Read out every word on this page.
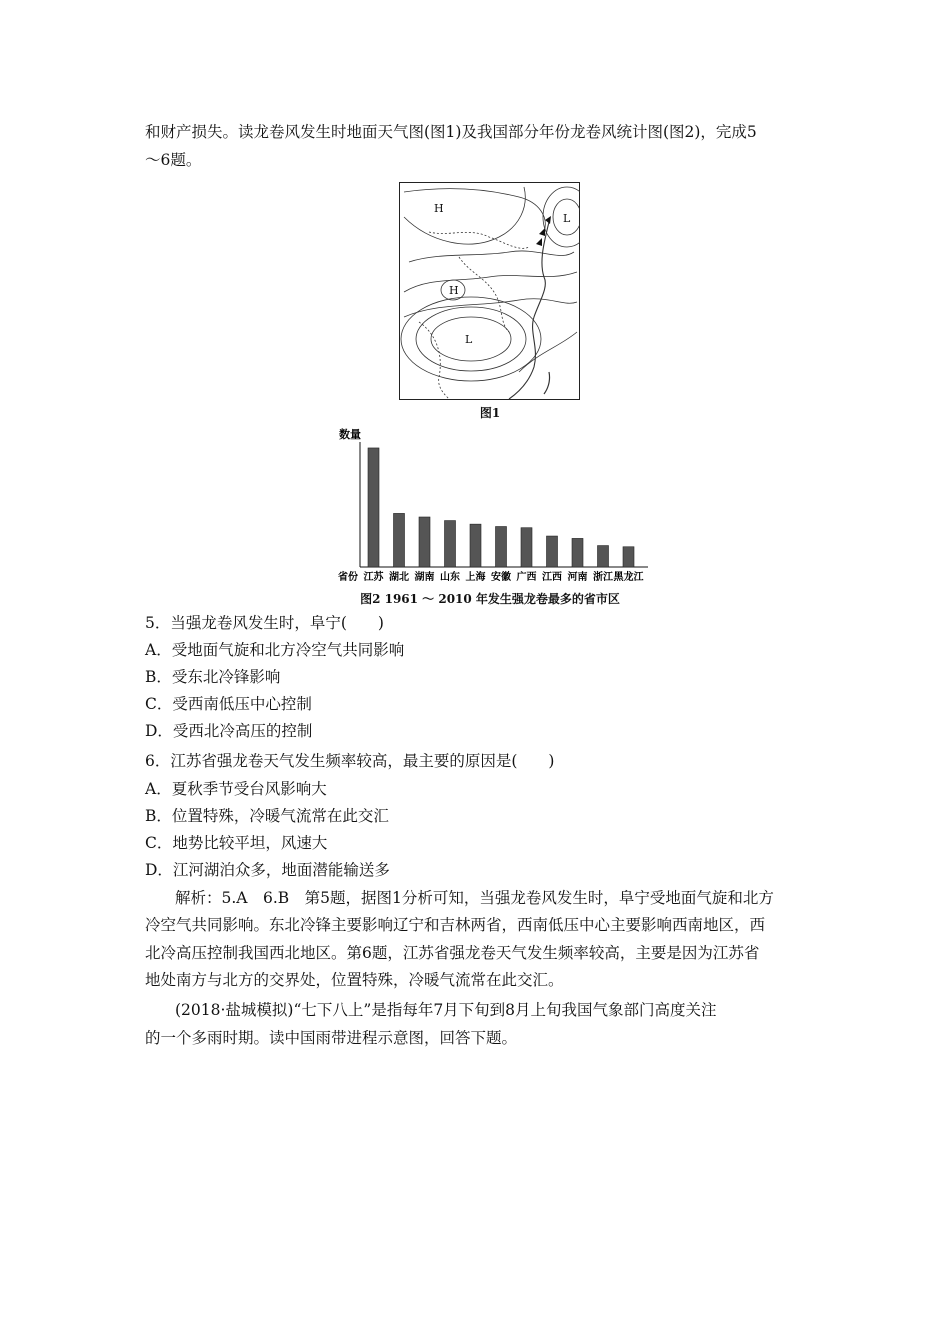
和财产损失。读龙卷风发生时地面天气图(图1)及我国部分年份龙卷风统计图(图2)，完成5
～6题。
H
L
H
L
图1
数量
省份 江苏 湖北 湖南 山东 上海 安徽 广西 江西 河南 浙江 黑龙江
图2 1961 ～ 2010 年发生强龙卷最多的省市区
5．当强龙卷风发生时，阜宁(　　)
A．受地面气旋和北方冷空气共同影响
B．受东北冷锋影响
C．受西南低压中心控制
D．受西北冷高压的控制
6．江苏省强龙卷天气发生频率较高，最主要的原因是(　　)
A．夏秋季节受台风影响大
B．位置特殊，冷暖气流常在此交汇
C．地势比较平坦，风速大
D．江河湖泊众多，地面潜能输送多
解析：5.A　6.B　第5题，据图1分析可知，当强龙卷风发生时，阜宁受地面气旋和北方
冷空气共同影响。东北冷锋主要影响辽宁和吉林两省，西南低压中心主要影响西南地区，西
北冷高压控制我国西北地区。第6题，江苏省强龙卷天气发生频率较高，主要是因为江苏省
地处南方与北方的交界处，位置特殊，冷暖气流常在此交汇。
(2018·盐城模拟)“七下八上”是指每年7月下旬到8月上旬我国气象部门高度关注
的一个多雨时期。读中国雨带进程示意图，回答下题。
